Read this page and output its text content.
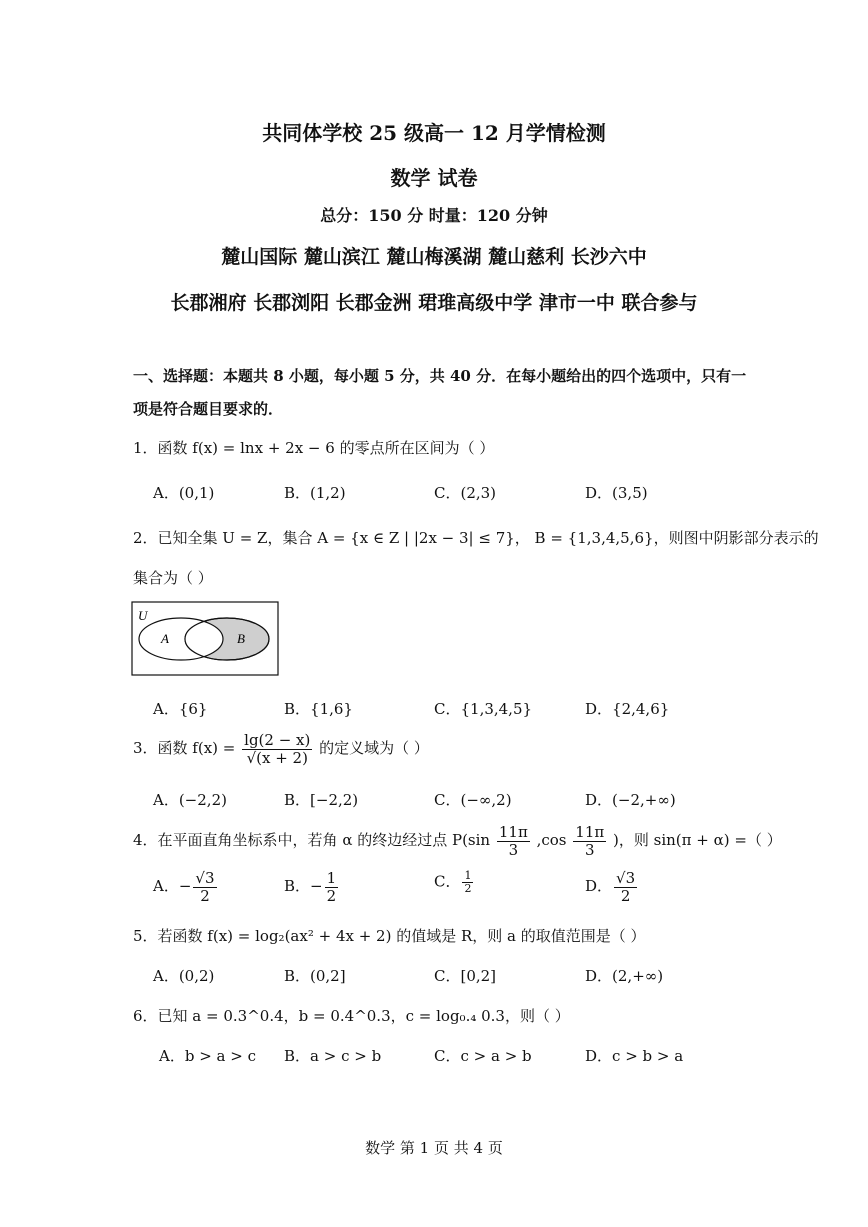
共同体学校 25 级高一 12 月学情检测
数学 试卷
总分：150 分 时量：120 分钟
麓山国际 麓山滨江 麓山梅溪湖 麓山慈利 长沙六中
长郡湘府 长郡浏阳 长郡金洲 珺琟高级中学 津市一中 联合参与
一、选择题：本题共 8 小题，每小题 5 分，共 40 分．在每小题给出的四个选项中，只有一
项是符合题目要求的．
1．函数 f(x) = lnx + 2x − 6 的零点所在区间为（ ）
A．(0,1)	B．(1,2)	C．(2,3)	D．(3,5)
2．已知全集 U = Z，集合 A = {x ∈ Z | |2x − 3| ≤ 7}， B = {1,3,4,5,6}，则图中阴影部分表示的
集合为（ ）
U
A	B
A．{6}	B．{1,6}	C．{1,3,4,5}	D．{2,4,6}
3．函数 $f(x) = \frac{\lg(2 - x)}{√(x + 2)}$ 的定义域为（ ）
A．(−2,2)	B．[−2,2)	C．(−∞,2)	D．(−2,+∞)
4．在平面直角坐标系中，若角 α 的终边经过点 $P(\sin \frac{11\pi}{3} ,\cos \frac{11\pi}{3}$ )，则 sin(π + α) =（ ）
A．− $\frac{√3}{2}$	B．− $\frac{1}{2}$	C． $\frac{1}{2}$	D． $\frac{√3}{2}$
5．若函数 f(x) = log₂(ax² + 4x + 2) 的值域是 R，则 a 的取值范围是（ ）
A．(0,2)	B．(0,2]	C．[0,2]	D．(2,+∞)
6．已知 a = 0.3^0.4，b = 0.4^0.3，c = log₀.₄ 0.3，则（ ）
A．b > a > c B．a > c > b	C．c > a > b	D．c > b > a
数学 第 1 页 共 4 页
